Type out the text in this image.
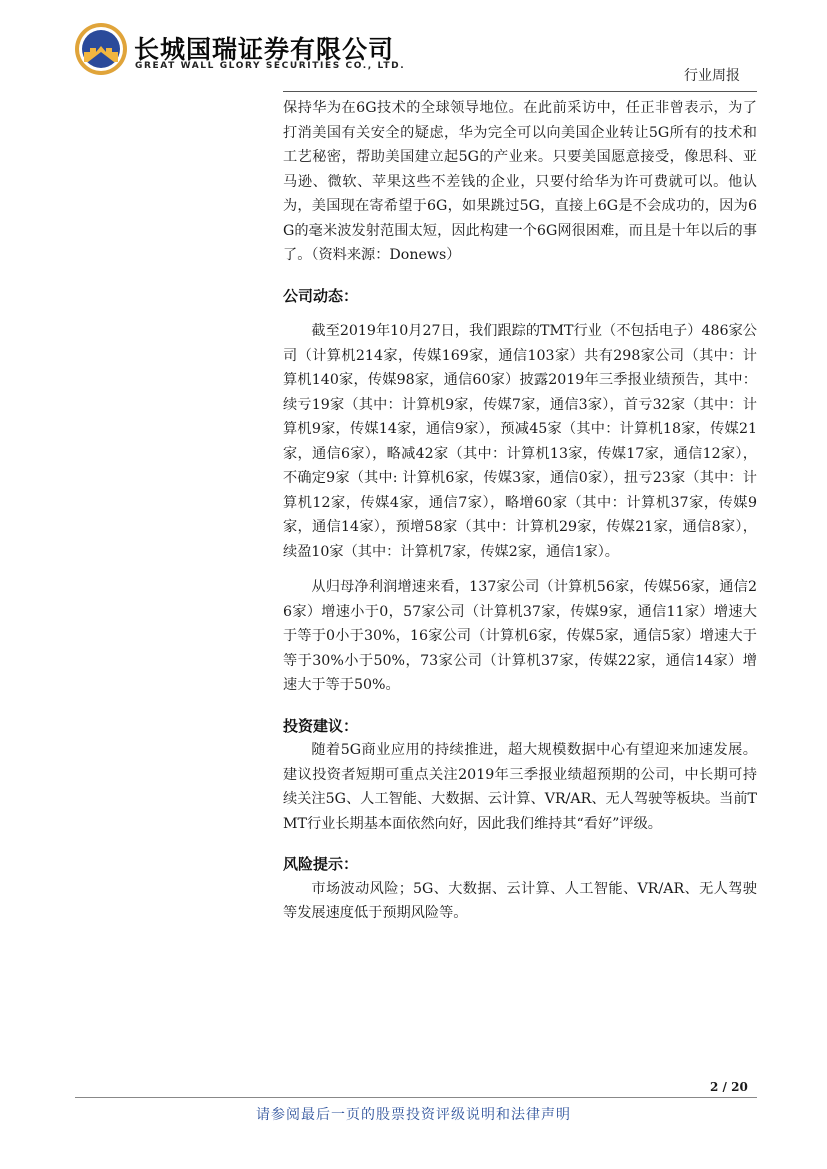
长城国瑞证券有限公司
GREAT WALL GLORY SECURITIES CO., LTD.
行业周报

保持华为在6G技术的全球领导地位。在此前采访中，任正非曾表示，为了打消美国有关安全的疑虑，华为完全可以向美国企业转让5G所有的技术和工艺秘密，帮助美国建立起5G的产业来。只要美国愿意接受，像思科、亚马逊、微软、苹果这些不差钱的企业，只要付给华为许可费就可以。他认为，美国现在寄希望于6G，如果跳过5G，直接上6G是不会成功的，因为6G的毫米波发射范围太短，因此构建一个6G网很困难，而且是十年以后的事了。（资料来源：Donews）

公司动态：

截至2019年10月27日，我们跟踪的TMT行业（不包括电子）486家公司（计算机214家，传媒169家，通信103家）共有298家公司（其中：计算机140家，传媒98家，通信60家）披露2019年三季报业绩预告，其中：续亏19家（其中：计算机9家，传媒7家，通信3家），首亏32家（其中：计算机9家，传媒14家，通信9家），预减45家（其中：计算机18家，传媒21家，通信6家），略减42家（其中：计算机13家，传媒17家，通信12家），不确定9家（其中: 计算机6家，传媒3家，通信0家），扭亏23家（其中：计算机12家，传媒4家，通信7家），略增60家（其中：计算机37家，传媒9家，通信14家），预增58家（其中：计算机29家，传媒21家，通信8家），续盈10家（其中：计算机7家，传媒2家，通信1家）。

从归母净利润增速来看，137家公司（计算机56家，传媒56家，通信26家）增速小于0，57家公司（计算机37家，传媒9家，通信11家）增速大于等于0小于30%，16家公司（计算机6家，传媒5家，通信5家）增速大于等于30%小于50%，73家公司（计算机37家，传媒22家，通信14家）增速大于等于50%。

投资建议：

随着5G商业应用的持续推进，超大规模数据中心有望迎来加速发展。建议投资者短期可重点关注2019年三季报业绩超预期的公司，中长期可持续关注5G、人工智能、大数据、云计算、VR/AR、无人驾驶等板块。当前TMT行业长期基本面依然向好，因此我们维持其“看好”评级。

风险提示：

市场波动风险；5G、大数据、云计算、人工智能、VR/AR、无人驾驶等发展速度低于预期风险等。

2 / 20
请参阅最后一页的股票投资评级说明和法律声明
